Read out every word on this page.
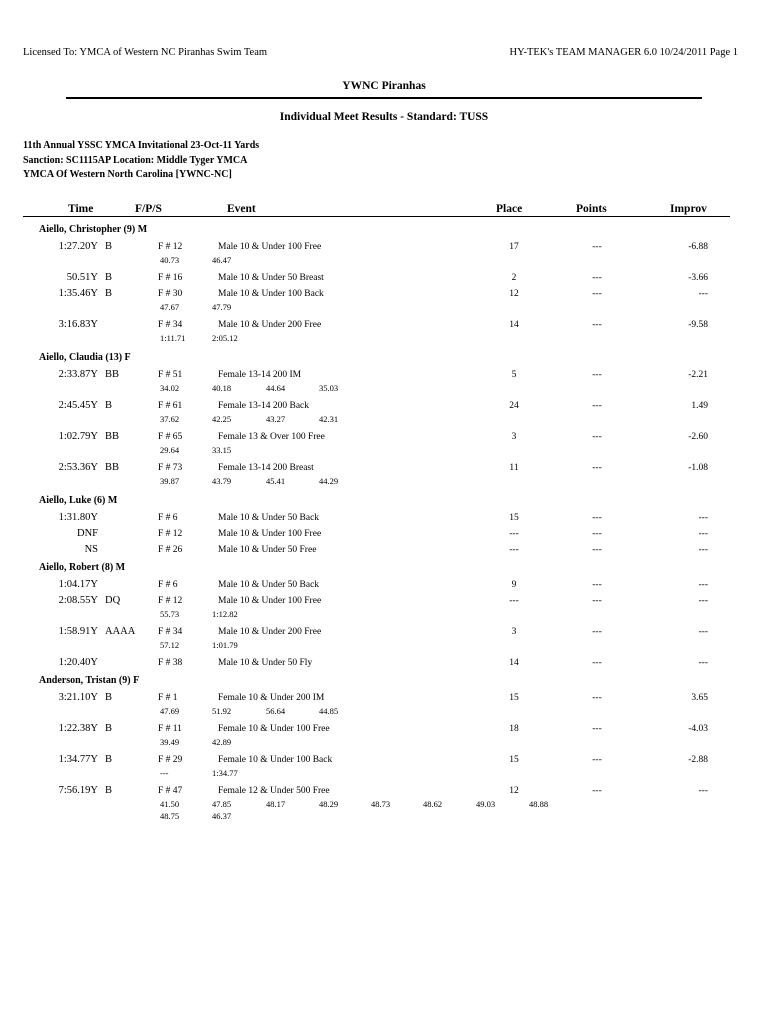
Licensed To: YMCA of Western NC Piranhas Swim Team	HY-TEK's TEAM MANAGER 6.0 10/24/2011 Page 1
YWNC Piranhas
Individual Meet Results - Standard: TUSS
11th Annual YSSC YMCA Invitational 23-Oct-11 Yards
Sanction: SC1115AP Location: Middle Tyger YMCA
YMCA Of Western North Carolina [YWNC-NC]
Time	F/P/S	Event	Place	Points	Improv
Aiello, Christopher (9) M
1:27.20Y B	F # 12	Male 10 & Under 100 Free	17	---	-6.88
40.73	46.47
50.51Y B	F # 16	Male 10 & Under 50 Breast	2	---	-3.66
1:35.46Y B	F # 30	Male 10 & Under 100 Back	12	---	---
47.67	47.79
3:16.83Y	F # 34	Male 10 & Under 200 Free	14	---	-9.58
1:11.71	2:05.12
Aiello, Claudia (13) F
2:33.87Y BB	F # 51	Female 13-14 200 IM	5	---	-2.21
34.02	40.18	44.64	35.03
2:45.45Y B	F # 61	Female 13-14 200 Back	24	---	1.49
37.62	42.25	43.27	42.31
1:02.79Y BB	F # 65	Female 13 & Over 100 Free	3	---	-2.60
29.64	33.15
2:53.36Y BB	F # 73	Female 13-14 200 Breast	11	---	-1.08
39.87	43.79	45.41	44.29
Aiello, Luke (6) M
1:31.80Y	F # 6	Male 10 & Under 50 Back	15	---	---
DNF	F # 12	Male 10 & Under 100 Free	---	---	---
NS	F # 26	Male 10 & Under 50 Free	---	---	---
Aiello, Robert (8) M
1:04.17Y	F # 6	Male 10 & Under 50 Back	9	---	---
2:08.55Y DQ	F # 12	Male 10 & Under 100 Free	---	---	---
55.73	1:12.82
1:58.91Y AAAA F # 34	Male 10 & Under 200 Free	3	---	---
57.12	1:01.79
1:20.40Y	F # 38	Male 10 & Under 50 Fly	14	---	---
Anderson, Tristan (9) F
3:21.10Y B	F # 1	Female 10 & Under 200 IM	15	---	3.65
47.69	51.92	56.64	44.85
1:22.38Y B	F # 11	Female 10 & Under 100 Free	18	---	-4.03
39.49	42.89
1:34.77Y B	F # 29	Female 10 & Under 100 Back	15	---	-2.88
---	1:34.77
7:56.19Y B	F # 47	Female 12 & Under 500 Free	12	---	---
41.50	47.85	48.17	48.29	48.73	48.62	49.03	48.88
48.75	46.37
